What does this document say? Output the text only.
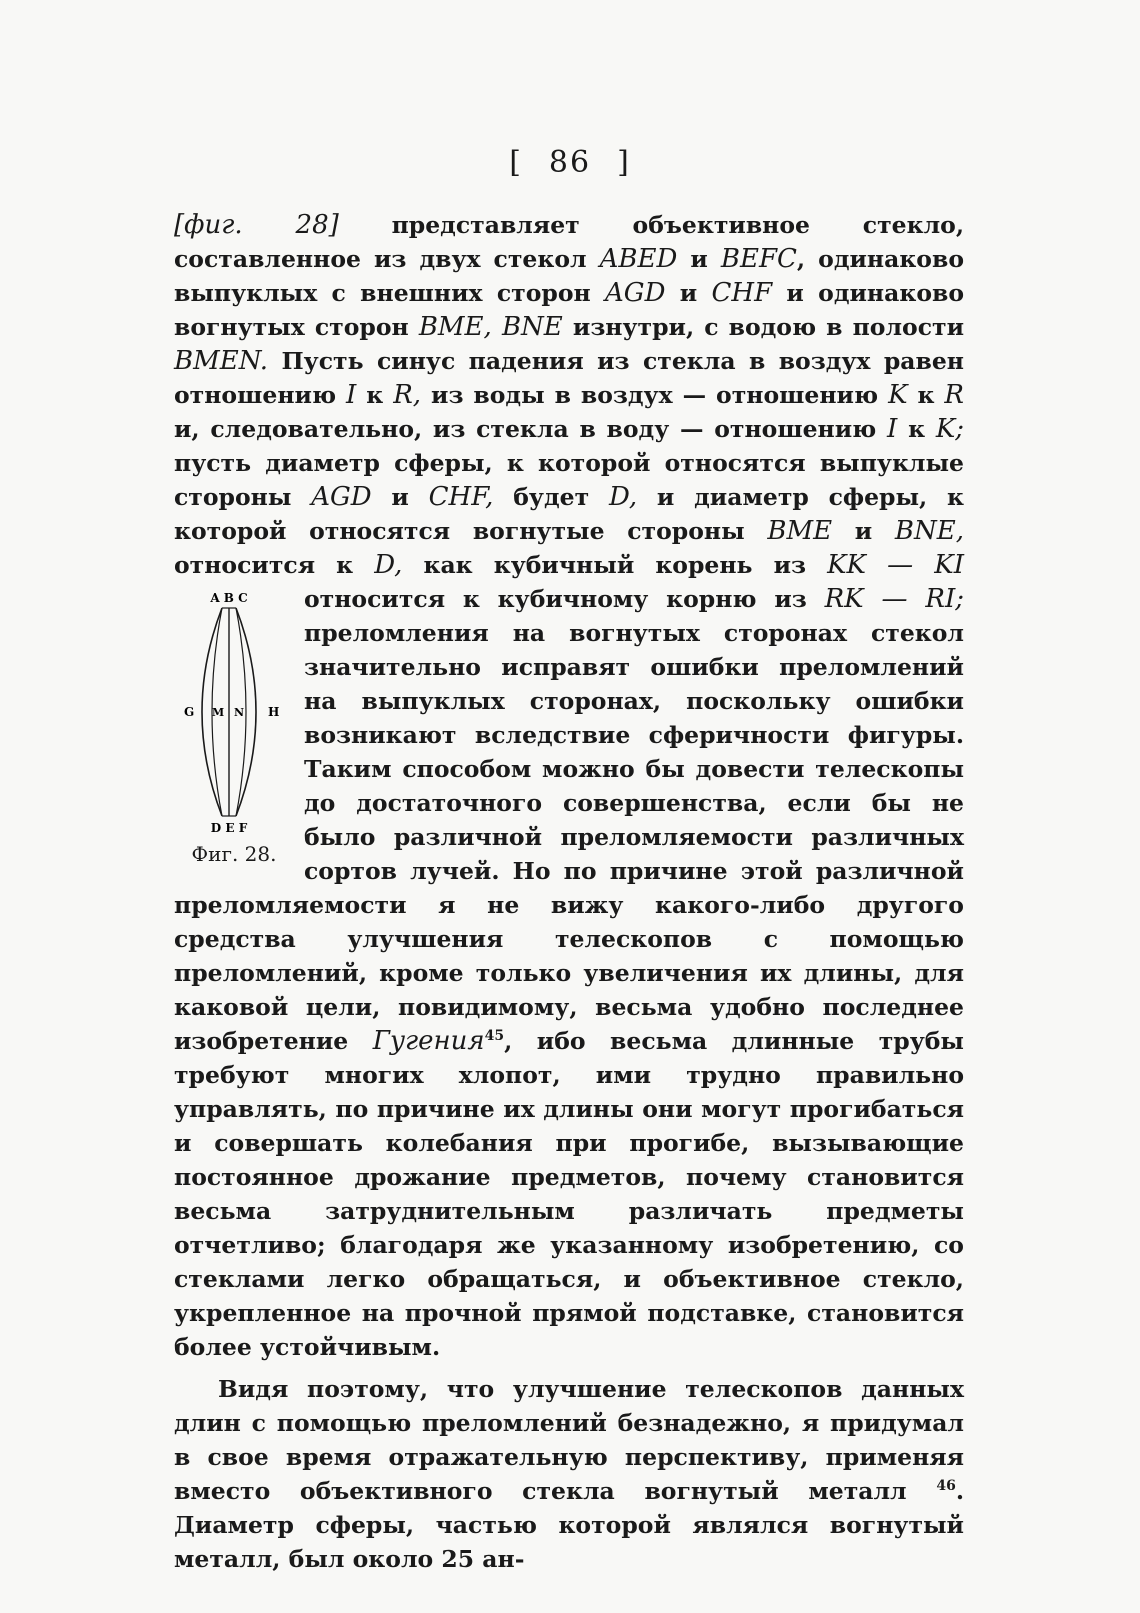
[ 86 ]

[фиг. 28] представляет объективное стекло, составленное из двух стекол ABED и BEFC, одинаково выпуклых с внешних сторон AGD и CHF и одинаково вогнутых сторон BME, BNE изнутри, с водою в полости BMEN. Пусть синус падения из стекла в воздух равен отношению I к R, из воды в воздух — отношению K к R и, следовательно, из стекла в воду — отношению I к K; пусть диаметр сферы, к которой относятся выпуклые стороны AGD и CHF, будет D, и диаметр сферы, к которой относятся вогнутые стороны BME и BNE, относится к D, как кубичный корень из KK — KI относится к кубичному корню из RK — RI;
A B C
G M N H
D E F
Фиг. 28.
преломления на вогнутых сторонах стекол значительно исправят ошибки преломлений на выпуклых сторонах, поскольку ошибки возникают вследствие сферичности фигуры. Таким способом можно бы довести телескопы до достаточного совершенства, если бы не было различной преломляемости различных сортов лучей. Но по причине этой различной преломляемости я не вижу какого-либо другого средства улучшения телескопов с помощью преломлений, кроме только увеличения их длины, для каковой цели, повидимому, весьма удобно последнее изобретение Гугения$^{45}$, ибо весьма длинные трубы требуют многих хлопот, ими трудно правильно управлять, по причине их длины они могут прогибаться и совершать колебания при прогибе, вызывающие постоянное дрожание предметов, почему становится весьма затруднительным различать предметы отчетливо; благодаря же указанному изобретению, со стеклами легко обращаться, и объективное стекло, укрепленное на прочной прямой подставке, становится более устойчивым.

Видя поэтому, что улучшение телескопов данных длин с помощью преломлений безнадежно, я придумал в свое время отражательную перспективу, применяя вместо объективного стекла вогнутый металл $^{46}$. Диаметр сферы, частью которой являлся вогнутый металл, был около 25 ан-
